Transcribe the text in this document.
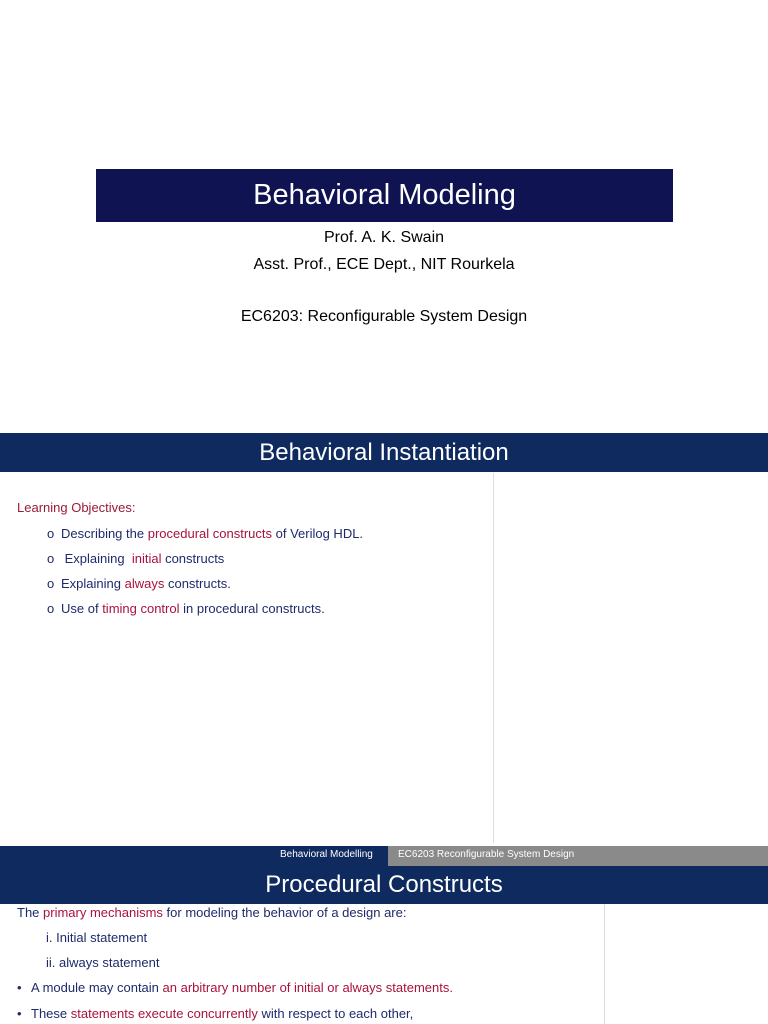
Behavioral Modeling
Prof. A. K. Swain
Asst. Prof., ECE Dept., NIT Rourkela
EC6203: Reconfigurable System Design
Behavioral Instantiation
Learning Objectives:
o Describing the procedural constructs of Verilog HDL.
o Explaining  initial constructs
o Explaining always constructs.
o Use of timing control in procedural constructs.
Behavioral Modelling	EC6203 Reconfigurable System Design
Procedural Constructs
The primary mechanisms for modeling the behavior of a design are:
i. Initial statement
ii. always statement
• A module may contain an arbitrary number of initial or always statements.
• These statements execute concurrently with respect to each other,
